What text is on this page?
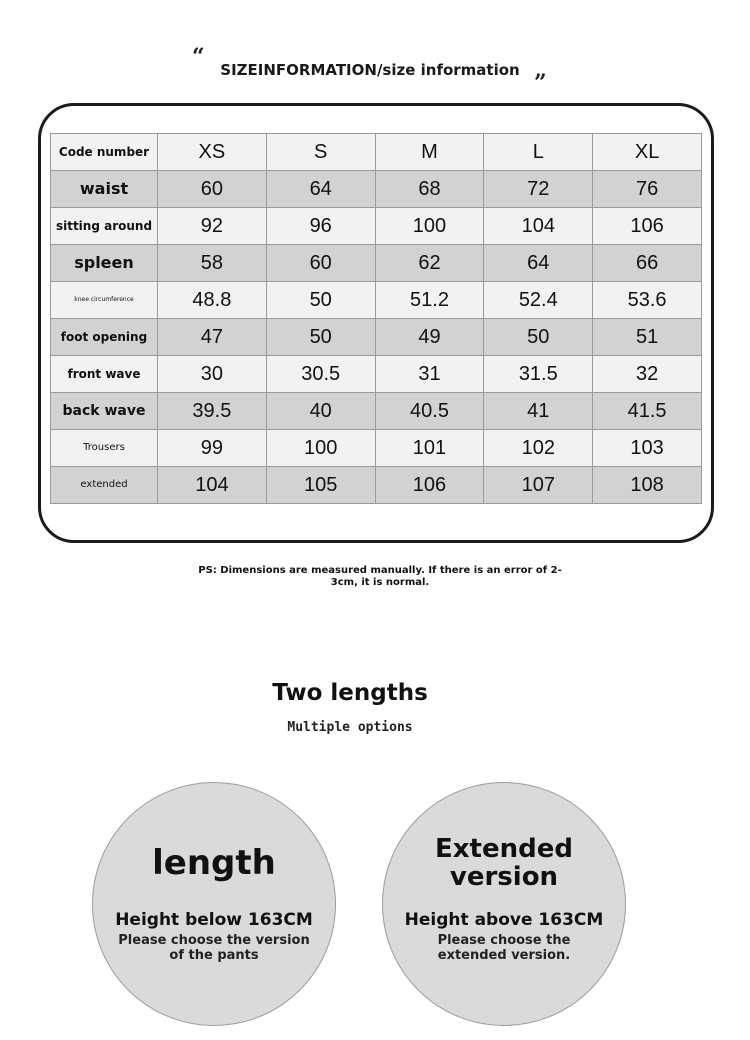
“	SIZEINFORMATION/size information ”
Code number	XS	S	M	L	XL
waist	60	64	68	72	76
sitting around	92	96	100	104	106
spleen	58	60	62	64	66
knee circumference	48.8	50	51.2	52.4	53.6
foot opening	47	50	49	50	51
front wave	30	30.5	31	31.5	32
back wave	39.5	40	40.5	41	41.5
Trousers	99	100	101	102	103
extended	104	105	106	107	108
PS: Dimensions are measured manually. If there is an error of 2-3cm, it is normal.
Two lengths
Multiple options
length
Height below 163CM
Please choose the version of the pants
Extended version
Height above 163CM
Please choose the extended version.
